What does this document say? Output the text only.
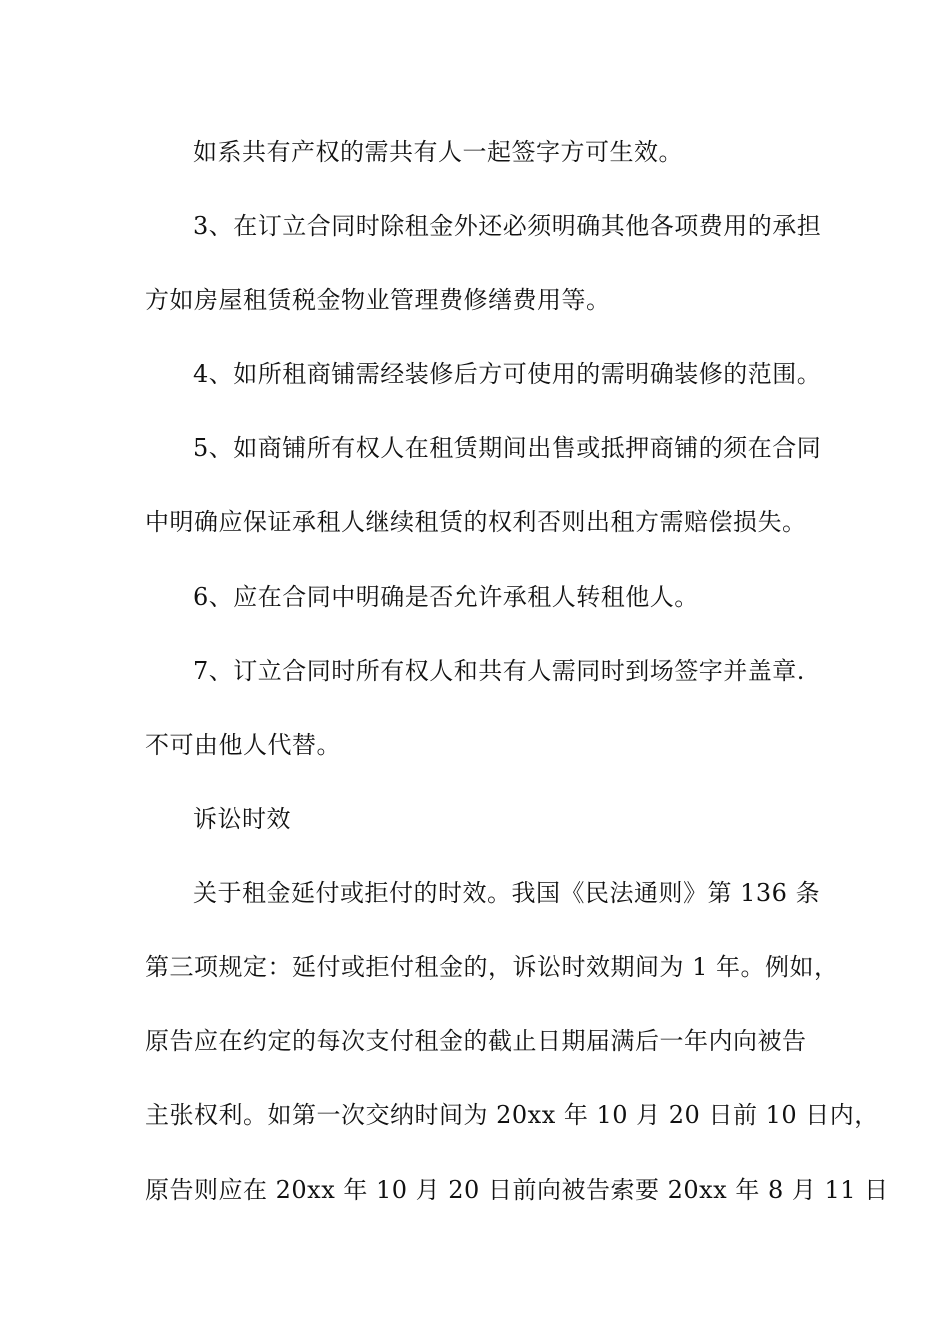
如系共有产权的需共有人一起签字方可生效。
3、在订立合同时除租金外还必须明确其他各项费用的承担
方如房屋租赁税金物业管理费修缮费用等。
4、如所租商铺需经装修后方可使用的需明确装修的范围。
5、如商铺所有权人在租赁期间出售或抵押商铺的须在合同
中明确应保证承租人继续租赁的权利否则出租方需赔偿损失。
6、应在合同中明确是否允许承租人转租他人。
7、订立合同时所有权人和共有人需同时到场签字并盖章.
不可由他人代替。
诉讼时效
关于租金延付或拒付的时效。我国《民法通则》第 136 条
第三项规定：延付或拒付租金的，诉讼时效期间为 1 年。例如，
原告应在约定的每次支付租金的截止日期届满后一年内向被告
主张权利。如第一次交纳时间为 20xx 年 10 月 20 日前 10 日内，
原告则应在 20xx 年 10 月 20 日前向被告索要 20xx 年 8 月 11 日
